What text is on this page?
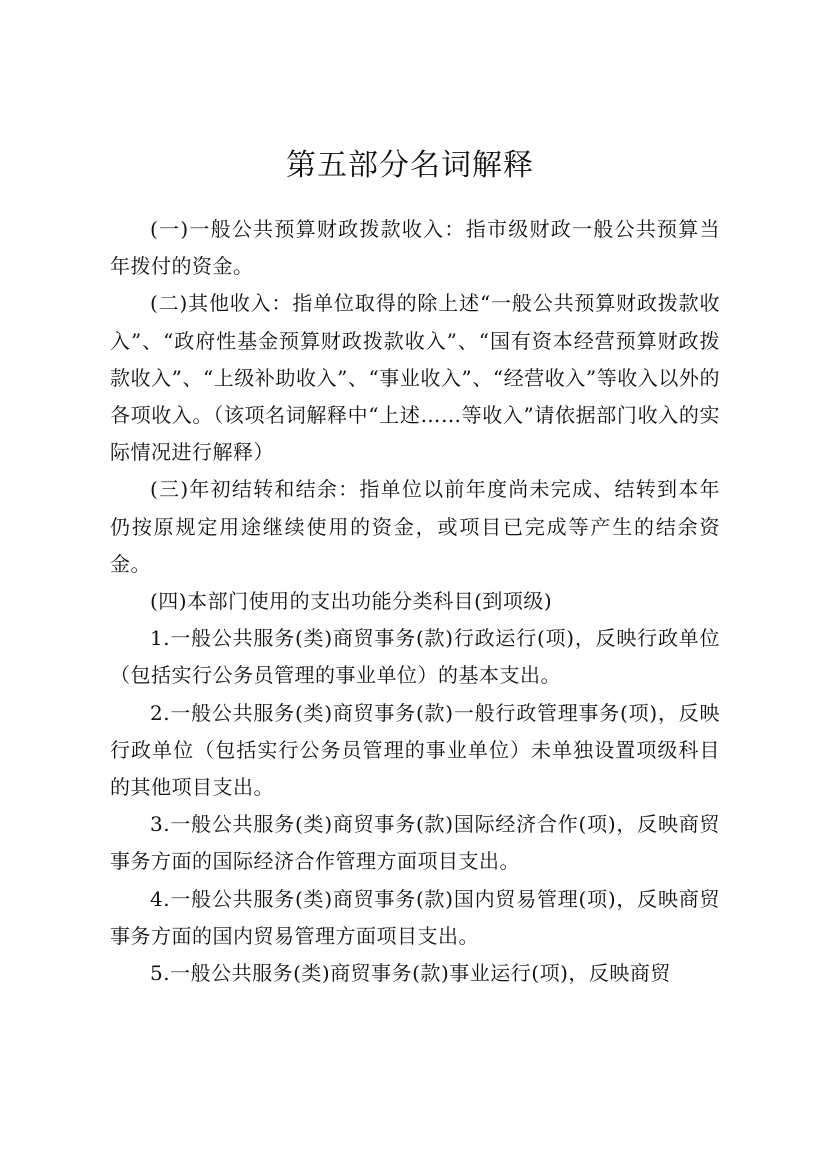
第五部分名词解释

(一)一般公共预算财政拨款收入：指市级财政一般公共预算当年拨付的资金。

(二)其他收入：指单位取得的除上述“一般公共预算财政拨款收入”、“政府性基金预算财政拨款收入”、“国有资本经营预算财政拨款收入”、“上级补助收入”、“事业收入”、“经营收入”等收入以外的各项收入。（该项名词解释中“上述……等收入”请依据部门收入的实际情况进行解释）

(三)年初结转和结余：指单位以前年度尚未完成、结转到本年仍按原规定用途继续使用的资金，或项目已完成等产生的结余资金。

(四)本部门使用的支出功能分类科目(到项级)

1.一般公共服务(类)商贸事务(款)行政运行(项)，反映行政单位（包括实行公务员管理的事业单位）的基本支出。

2.一般公共服务(类)商贸事务(款)一般行政管理事务(项)，反映行政单位（包括实行公务员管理的事业单位）未单独设置项级科目的其他项目支出。

3.一般公共服务(类)商贸事务(款)国际经济合作(项)，反映商贸事务方面的国际经济合作管理方面项目支出。

4.一般公共服务(类)商贸事务(款)国内贸易管理(项)，反映商贸事务方面的国内贸易管理方面项目支出。

5.一般公共服务(类)商贸事务(款)事业运行(项)，反映商贸
